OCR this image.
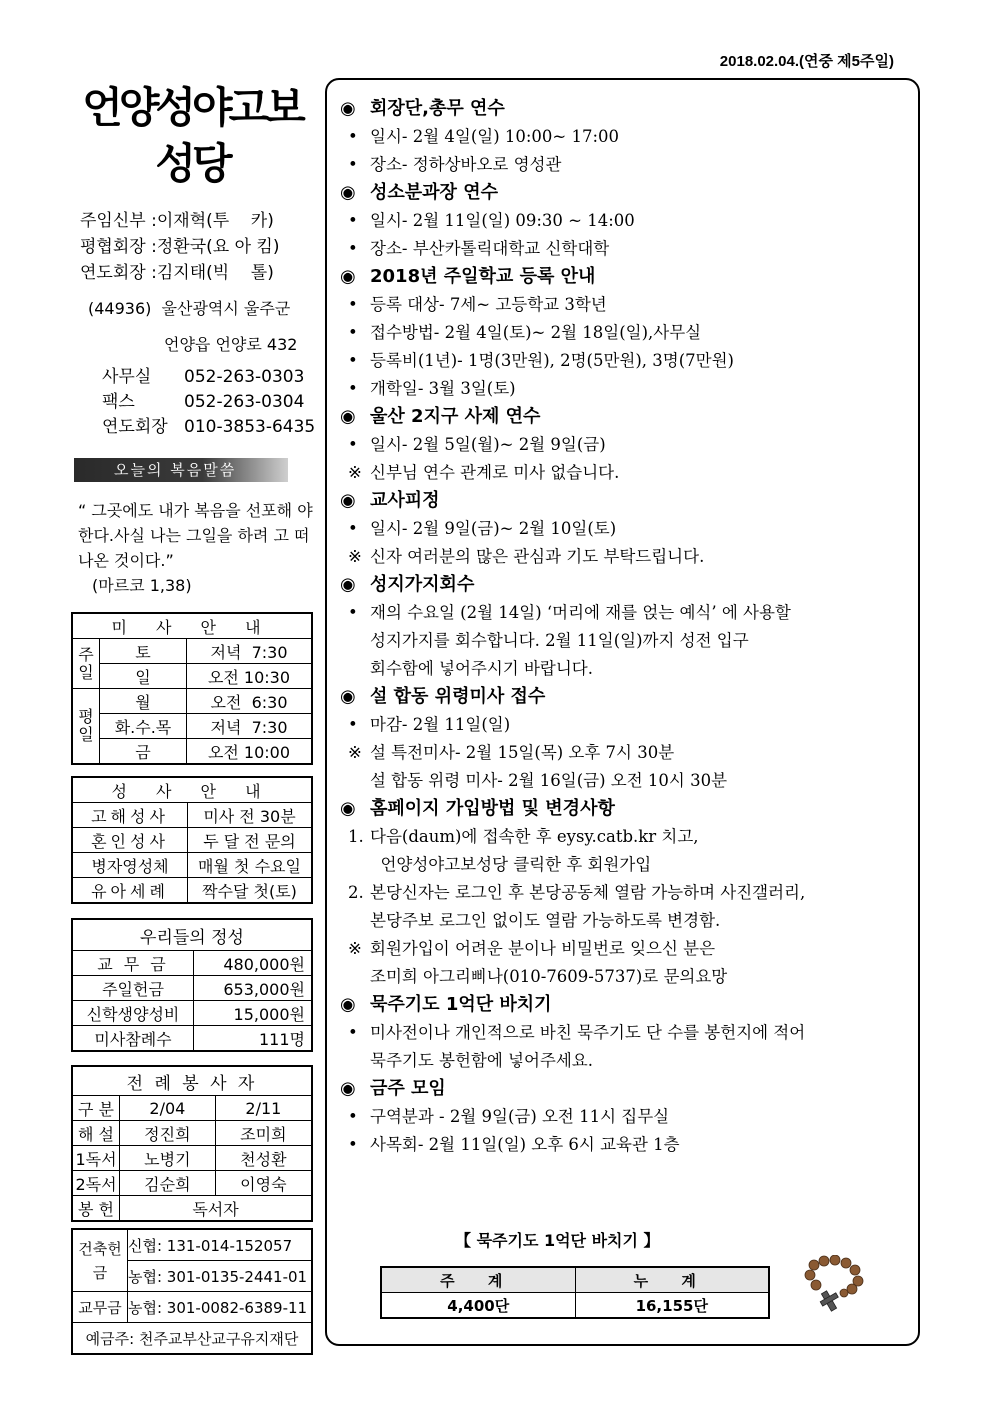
2018.02.04.(연중 제5주일)
언양성야고보
성당
주임신부 :이재혁(투    카)
평협회장 :정환국(요 아 킴)
연도회장 :김지태(빅    톨)
(44936)  울산광역시 울주군
언양읍 언양로 432
사무실 052-263-0303
팩스	052-263-0304
연도회장 010-3853-6435
오늘의 복음말씀
“ 그곳에도 내가 복음을 선포해 야 한다.사실 나는 그일을 하려 고 떠나온 것이다.”
(마르코 1,38)
미 사 안 내		
주일	토	저녁  7:30
	일	오전 10:30
평일	월	오전  6:30
	화.수.목	저녁  7:30
	금	오전 10:00
성 사 안 내	
고해성사	미사 전 30분
혼인성사	두 달 전 문의
병자영성체	매월 첫 수요일
유아세례	짝수달 첫(토)
우리들의 정성	
교 무 금	480,000원
주일헌금	653,000원
신학생양성비	15,000원
미사참례수	111명
전 례 봉 사 자		
구 분	2/04	2/11
해 설	정진희	조미희
1독서	노병기	천성환
2독서	김순희	이영숙
봉 헌	독서자	
건축헌금	신협: 131-014-152057
	농협: 301-0135-2441-01
교무금	농협: 301-0082-6389-11
예금주: 천주교부산교구유지재단	
◉ 회장단,총무 연수
• 일시- 2월 4일(일) 10:00~ 17:00
• 장소- 정하상바오로 영성관
◉ 성소분과장 연수
• 일시- 2월 11일(일) 09:30 ~ 14:00
• 장소- 부산카톨릭대학교 신학대학
◉ 2018년 주일학교 등록 안내
• 등록 대상- 7세~ 고등학교 3학년
• 접수방법- 2월 4일(토)~ 2월 18일(일),사무실
• 등록비(1년)- 1명(3만원), 2명(5만원), 3명(7만원)
• 개학일- 3월 3일(토)
◉ 울산 2지구 사제 연수
• 일시- 2월 5일(월)~ 2월 9일(금)
※ 신부님 연수 관계로 미사 없습니다.
◉ 교사피정
• 일시- 2월 9일(금)~ 2월 10일(토)
※ 신자 여러분의 많은 관심과 기도 부탁드립니다.
◉ 성지가지회수
• 재의 수요일 (2월 14일) ‘머리에 재를 얹는 예식’ 에 사용할
성지가지를 회수합니다. 2월 11일(일)까지 성전 입구
회수함에 넣어주시기 바랍니다.
◉ 설 합동 위령미사 접수
• 마감- 2월 11일(일)
※ 설 특전미사- 2월 15일(목) 오후 7시 30분
설 합동 위령 미사- 2월 16일(금) 오전 10시 30분
◉ 홈페이지 가입방법 및 변경사항
1. 다음(daum)에 접속한 후 eysy.catb.kr 치고,
언양성야고보성당 클릭한 후 회원가입
2. 본당신자는 로그인 후 본당공동체 열람 가능하며 사진갤러리,
본당주보 로그인 없이도 열람 가능하도록 변경함.
※ 회원가입이 어려운 분이나 비밀번로 잊으신 분은
조미희 아그리삐나(010-7609-5737)로 문의요망
◉ 묵주기도 1억단 바치기
• 미사전이나 개인적으로 바친 묵주기도 단 수를 봉헌지에 적어
묵주기도 봉헌함에 넣어주세요.
◉ 금주 모임
• 구역분과 - 2월 9일(금) 오전 11시 집무실
• 사목회- 2월 11일(일) 오후 6시 교육관 1층
【 묵주기도 1억단 바치기 】
주 계	누 계
4,400단	16,155단
